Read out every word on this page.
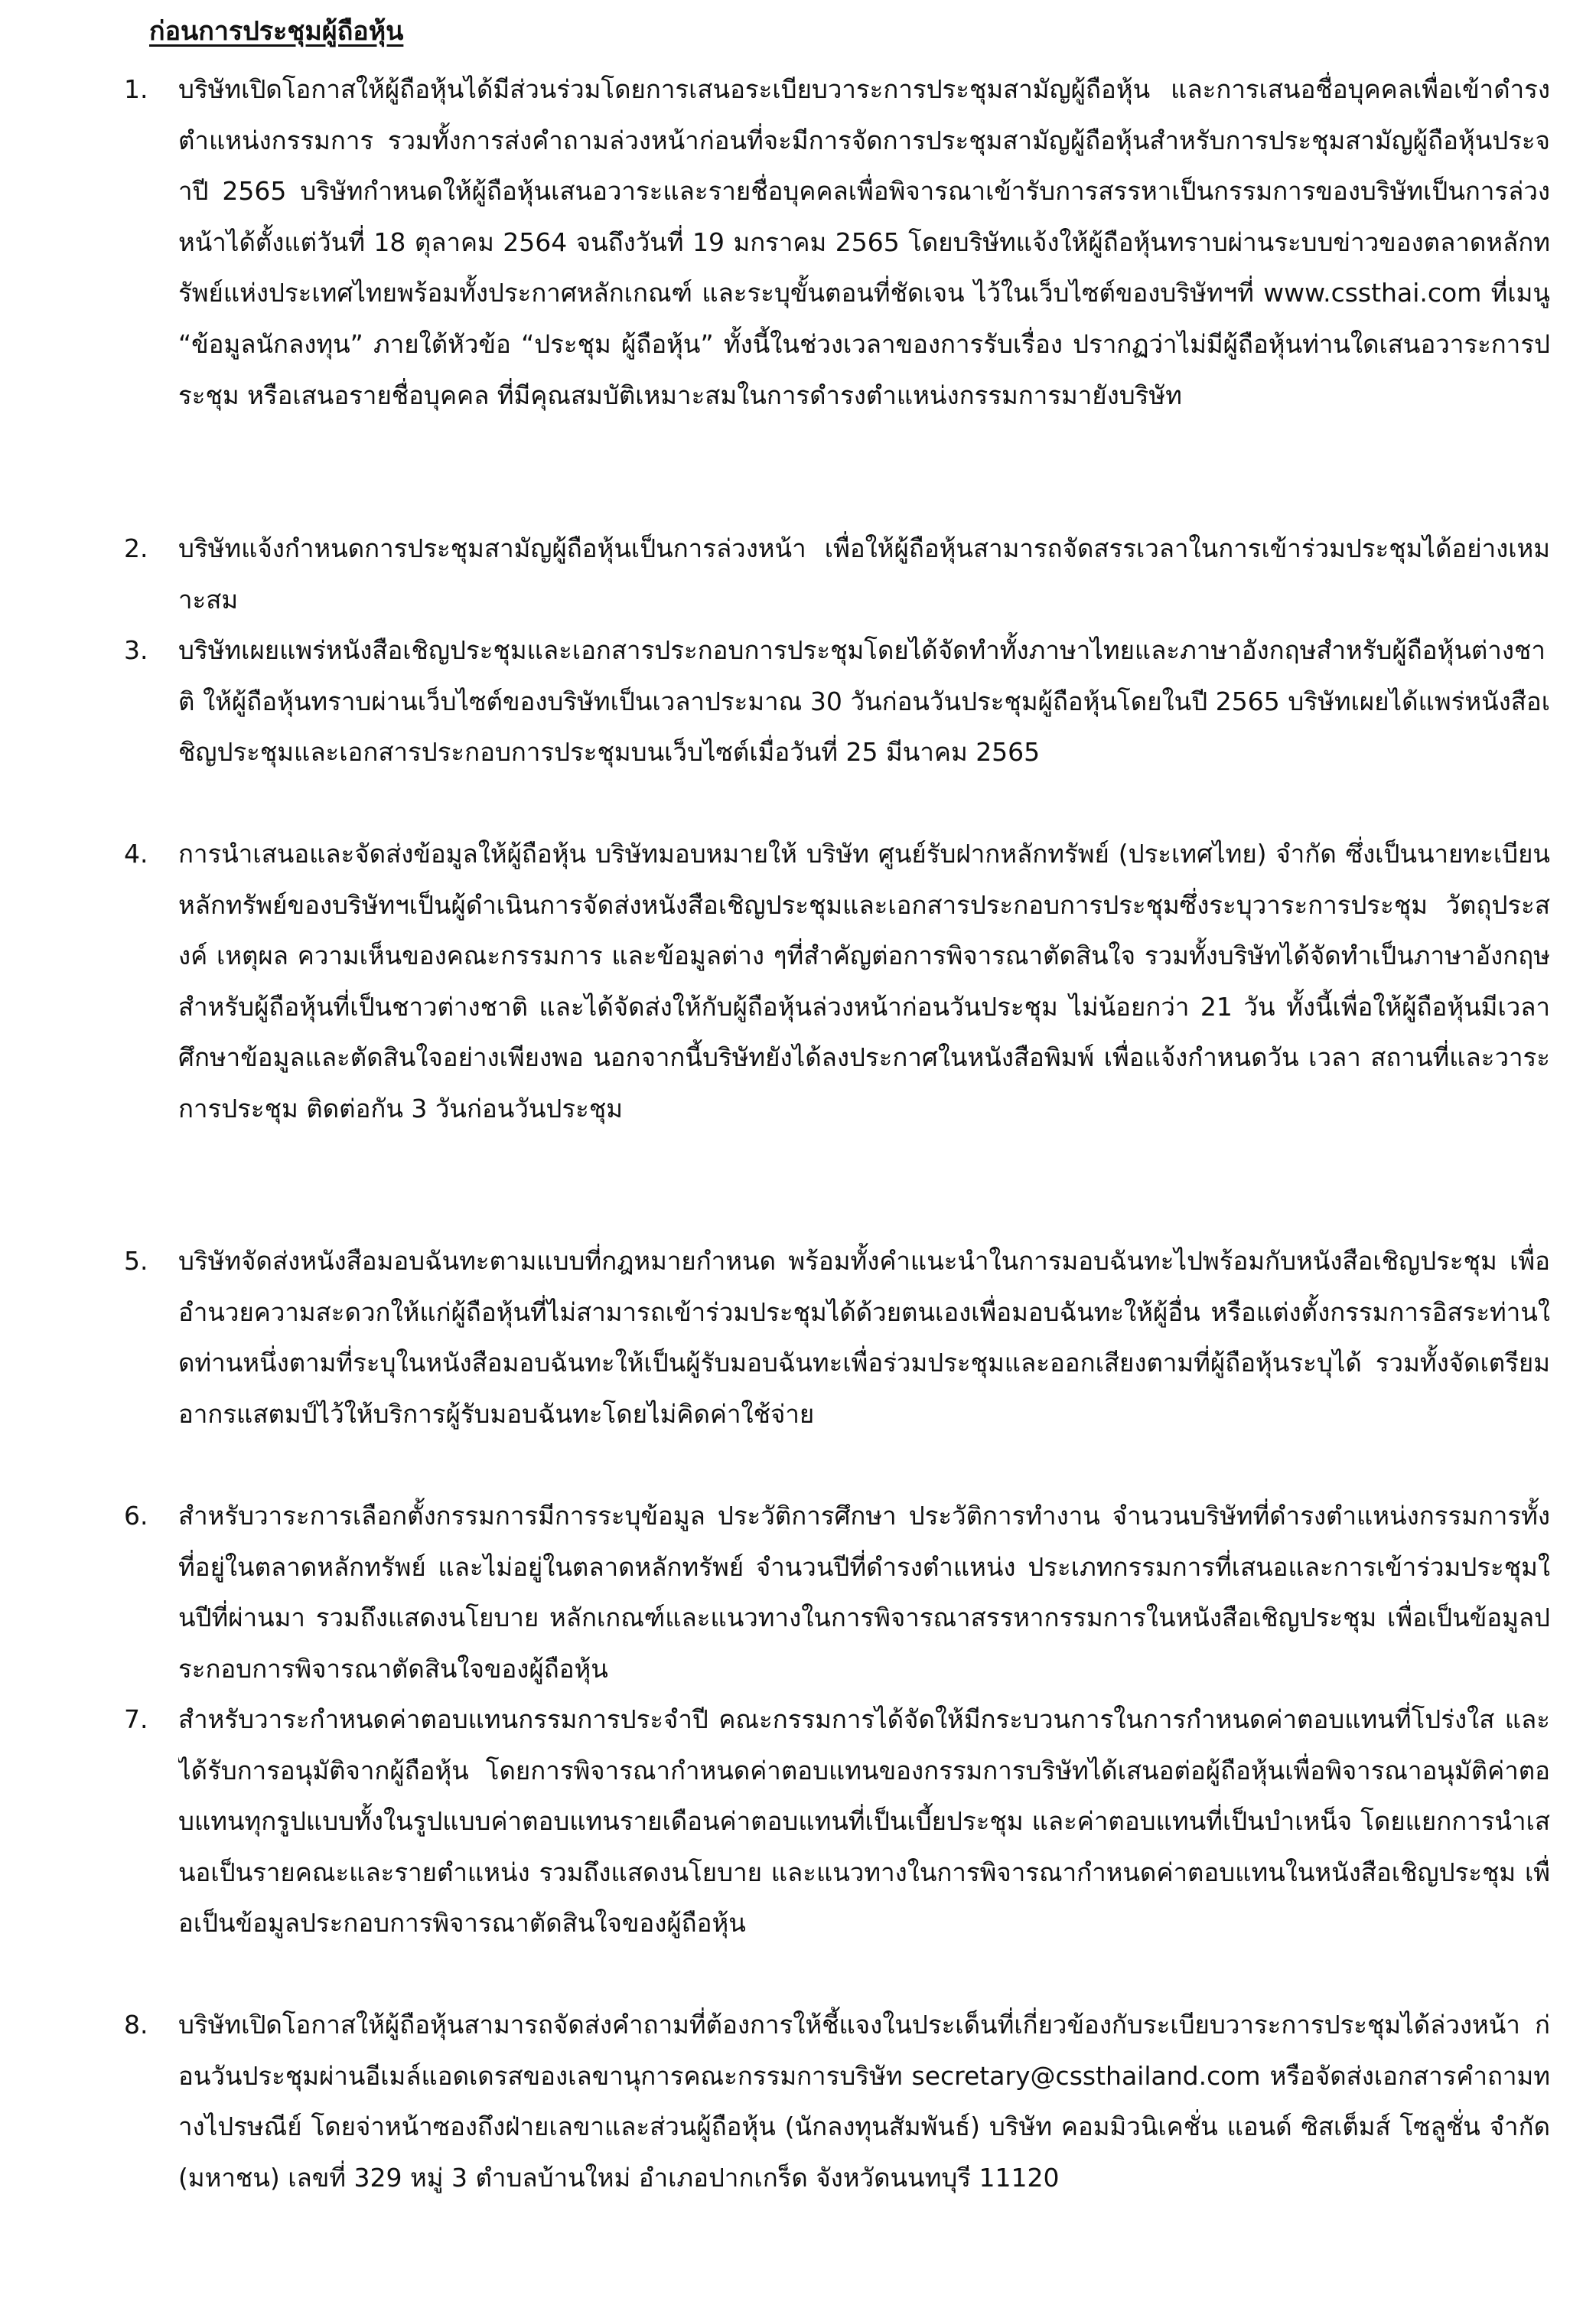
ก่อนการประชุมผู้ถือหุ้น
1. บริษัทเปิดโอกาสให้ผู้ถือหุ้นได้มีส่วนร่วมโดยการเสนอระเบียบวาระการประชุมสามัญผู้ถือหุ้น และการเสนอชื่อบุคคลเพื่อเข้าดำรงตำแหน่งกรรมการ รวมทั้งการส่งคำถามล่วงหน้าก่อนที่จะมีการจัดการประชุมสามัญผู้ถือหุ้นสำหรับการประชุมสามัญผู้ถือหุ้นประจำปี 2565 บริษัทกำหนดให้ผู้ถือหุ้นเสนอวาระและรายชื่อบุคคลเพื่อพิจารณาเข้ารับการสรรหาเป็นกรรมการของบริษัทเป็นการล่วงหน้าได้ตั้งแต่วันที่ 18 ตุลาคม 2564 จนถึงวันที่ 19 มกราคม 2565 โดยบริษัทแจ้งให้ผู้ถือหุ้นทราบผ่านระบบข่าวของตลาดหลักทรัพย์แห่งประเทศไทยพร้อมทั้งประกาศหลักเกณฑ์ และระบุขั้นตอนที่ชัดเจน ไว้ในเว็บไซต์ของบริษัทฯที่ www.cssthai.com ที่เมนู “ข้อมูลนักลงทุน” ภายใต้หัวข้อ “ประชุม ผู้ถือหุ้น” ทั้งนี้ในช่วงเวลาของการรับเรื่อง ปรากฏว่าไม่มีผู้ถือหุ้นท่านใดเสนอวาระการประชุม หรือเสนอรายชื่อบุคคล ที่มีคุณสมบัติเหมาะสมในการดำรงตำแหน่งกรรมการมายังบริษัท
2. บริษัทแจ้งกำหนดการประชุมสามัญผู้ถือหุ้นเป็นการล่วงหน้า เพื่อให้ผู้ถือหุ้นสามารถจัดสรรเวลาในการเข้าร่วมประชุมได้อย่างเหมาะสม
3. บริษัทเผยแพร่หนังสือเชิญประชุมและเอกสารประกอบการประชุมโดยได้จัดทำทั้งภาษาไทยและภาษาอังกฤษสำหรับผู้ถือหุ้นต่างชาติ ให้ผู้ถือหุ้นทราบผ่านเว็บไซต์ของบริษัทเป็นเวลาประมาณ 30 วันก่อนวันประชุมผู้ถือหุ้นโดยในปี 2565 บริษัทเผยได้แพร่หนังสือเชิญประชุมและเอกสารประกอบการประชุมบนเว็บไซต์เมื่อวันที่ 25 มีนาคม 2565
4. การนำเสนอและจัดส่งข้อมูลให้ผู้ถือหุ้น บริษัทมอบหมายให้ บริษัท ศูนย์รับฝากหลักทรัพย์ (ประเทศไทย) จำกัด ซึ่งเป็นนายทะเบียนหลักทรัพย์ของบริษัทฯเป็นผู้ดำเนินการจัดส่งหนังสือเชิญประชุมและเอกสารประกอบการประชุมซึ่งระบุวาระการประชุม วัตถุประสงค์ เหตุผล ความเห็นของคณะกรรมการ และข้อมูลต่าง ๆที่สำคัญต่อการพิจารณาตัดสินใจ รวมทั้งบริษัทได้จัดทำเป็นภาษาอังกฤษสำหรับผู้ถือหุ้นที่เป็นชาวต่างชาติ และได้จัดส่งให้กับผู้ถือหุ้นล่วงหน้าก่อนวันประชุม ไม่น้อยกว่า 21 วัน ทั้งนี้เพื่อให้ผู้ถือหุ้นมีเวลาศึกษาข้อมูลและตัดสินใจอย่างเพียงพอ นอกจากนี้บริษัทยังได้ลงประกาศในหนังสือพิมพ์ เพื่อแจ้งกำหนดวัน เวลา สถานที่และวาระการประชุม ติดต่อกัน 3 วันก่อนวันประชุม
5. บริษัทจัดส่งหนังสือมอบฉันทะตามแบบที่กฎหมายกำหนด พร้อมทั้งคำแนะนำในการมอบฉันทะไปพร้อมกับหนังสือเชิญประชุม เพื่ออำนวยความสะดวกให้แก่ผู้ถือหุ้นที่ไม่สามารถเข้าร่วมประชุมได้ด้วยตนเองเพื่อมอบฉันทะให้ผู้อื่น หรือแต่งตั้งกรรมการอิสระท่านใดท่านหนึ่งตามที่ระบุในหนังสือมอบฉันทะให้เป็นผู้รับมอบฉันทะเพื่อร่วมประชุมและออกเสียงตามที่ผู้ถือหุ้นระบุได้ รวมทั้งจัดเตรียมอากรแสตมป์ไว้ให้บริการผู้รับมอบฉันทะโดยไม่คิดค่าใช้จ่าย
6. สำหรับวาระการเลือกตั้งกรรมการมีการระบุข้อมูล ประวัติการศึกษา ประวัติการทำงาน จำนวนบริษัทที่ดำรงตำแหน่งกรรมการทั้งที่อยู่ในตลาดหลักทรัพย์ และไม่อยู่ในตลาดหลักทรัพย์ จำนวนปีที่ดำรงตำแหน่ง ประเภทกรรมการที่เสนอและการเข้าร่วมประชุมในปีที่ผ่านมา รวมถึงแสดงนโยบาย หลักเกณฑ์และแนวทางในการพิจารณาสรรหากรรมการในหนังสือเชิญประชุม เพื่อเป็นข้อมูลประกอบการพิจารณาตัดสินใจของผู้ถือหุ้น
7. สำหรับวาระกำหนดค่าตอบแทนกรรมการประจำปี คณะกรรมการได้จัดให้มีกระบวนการในการกำหนดค่าตอบแทนที่โปร่งใส และได้รับการอนุมัติจากผู้ถือหุ้น โดยการพิจารณากำหนดค่าตอบแทนของกรรมการบริษัทได้เสนอต่อผู้ถือหุ้นเพื่อพิจารณาอนุมัติค่าตอบแทนทุกรูปแบบทั้งในรูปแบบค่าตอบแทนรายเดือนค่าตอบแทนที่เป็นเบี้ยประชุม และค่าตอบแทนที่เป็นบำเหน็จ โดยแยกการนำเสนอเป็นรายคณะและรายตำแหน่ง รวมถึงแสดงนโยบาย และแนวทางในการพิจารณากำหนดค่าตอบแทนในหนังสือเชิญประชุม เพื่อเป็นข้อมูลประกอบการพิจารณาตัดสินใจของผู้ถือหุ้น
8. บริษัทเปิดโอกาสให้ผู้ถือหุ้นสามารถจัดส่งคำถามที่ต้องการให้ชี้แจงในประเด็นที่เกี่ยวข้องกับระเบียบวาระการประชุมได้ล่วงหน้า ก่อนวันประชุมผ่านอีเมล์แอดเดรสของเลขานุการคณะกรรมการบริษัท secretary@cssthailand.com หรือจัดส่งเอกสารคำถามทางไปรษณีย์ โดยจ่าหน้าซองถึงฝ่ายเลขาและส่วนผู้ถือหุ้น (นักลงทุนสัมพันธ์) บริษัท คอมมิวนิเคชั่น แอนด์ ซิสเต็มส์ โซลูชั่น จำกัด (มหาชน) เลขที่ 329 หมู่ 3 ตำบลบ้านใหม่ อำเภอปากเกร็ด จังหวัดนนทบุรี 11120
